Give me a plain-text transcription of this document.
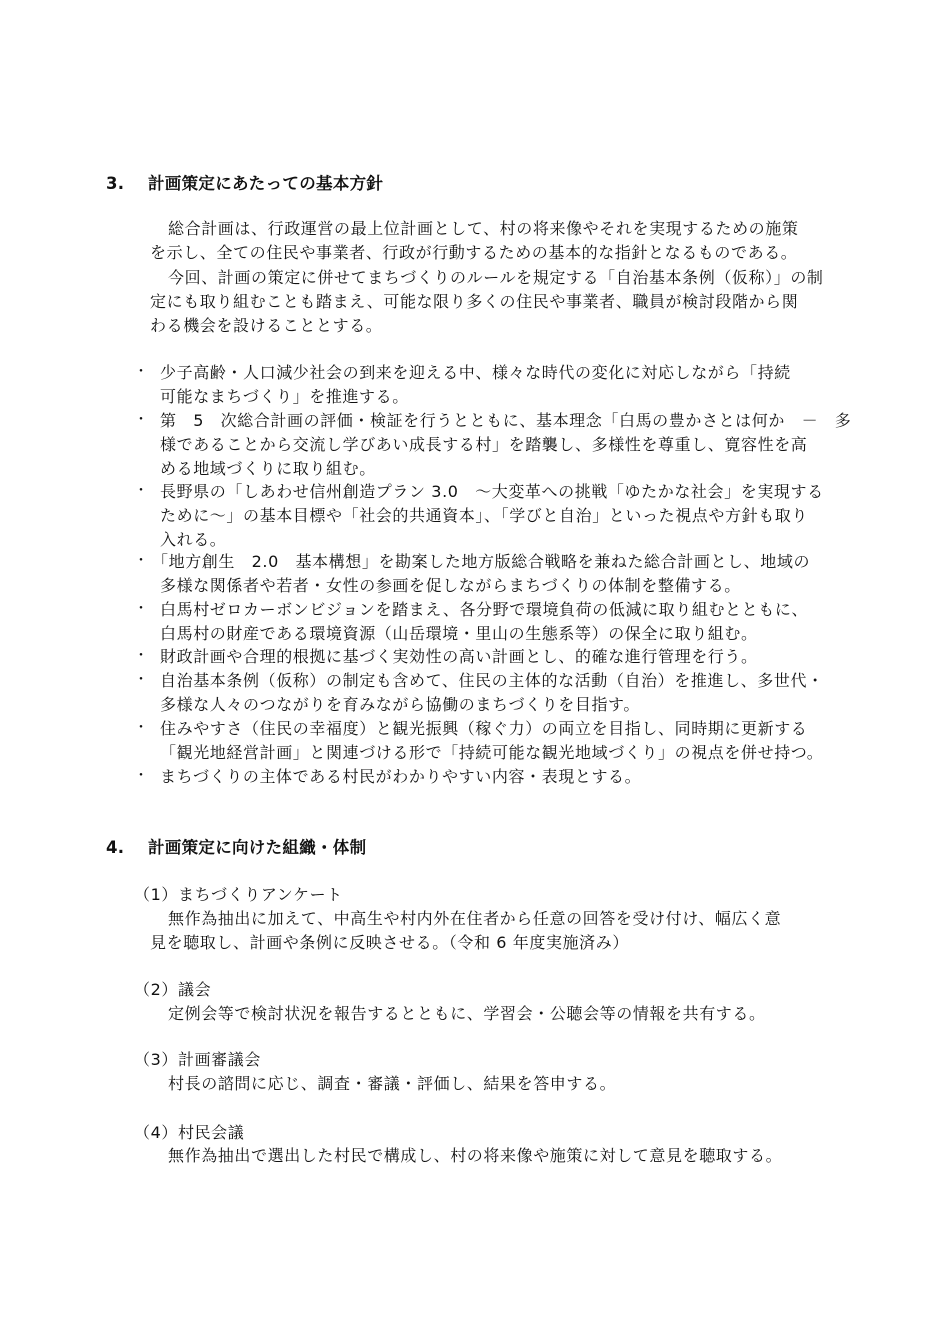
3. 計画策定にあたっての基本方針
総合計画は、行政運営の最上位計画として、村の将来像やそれを実現するための施策
を示し、全ての住民や事業者、行政が行動するための基本的な指針となるものである。
今回、計画の策定に併せてまちづくりのルールを規定する「自治基本条例（仮称）」の制
定にも取り組むことも踏まえ、可能な限り多くの住民や事業者、職員が検討段階から関
わる機会を設けることとする。
・ 少子高齢・人口減少社会の到来を迎える中、様々な時代の変化に対応しながら「持続
可能なまちづくり」を推進する。
・ 第　5　次総合計画の評価・検証を行うとともに、基本理念「白馬の豊かさとは何か　－　多
様であることから交流し学びあい成長する村」を踏襲し、多様性を尊重し、寛容性を高
める地域づくりに取り組む。
・ 長野県の「しあわせ信州創造プラン 3.0　～大変革への挑戦「ゆたかな社会」を実現する
ために～」の基本目標や「社会的共通資本」、「学びと自治」といった視点や方針も取り
入れる。
・ 「地方創生　2.0　基本構想」を勘案した地方版総合戦略を兼ねた総合計画とし、地域の
多様な関係者や若者・女性の参画を促しながらまちづくりの体制を整備する。
・ 白馬村ゼロカーボンビジョンを踏まえ、各分野で環境負荷の低減に取り組むとともに、
白馬村の財産である環境資源（山岳環境・里山の生態系等）の保全に取り組む。
・ 財政計画や合理的根拠に基づく実効性の高い計画とし、的確な進行管理を行う。
・ 自治基本条例（仮称）の制定も含めて、住民の主体的な活動（自治）を推進し、多世代・
多様な人々のつながりを育みながら協働のまちづくりを目指す。
・ 住みやすさ（住民の幸福度）と観光振興（稼ぐ力）の両立を目指し、同時期に更新する
「観光地経営計画」と関連づける形で「持続可能な観光地域づくり」の視点を併せ持つ。
・ まちづくりの主体である村民がわかりやすい内容・表現とする。
4. 計画策定に向けた組織・体制
（1）まちづくりアンケート
無作為抽出に加えて、中高生や村内外在住者から任意の回答を受け付け、幅広く意
見を聴取し、計画や条例に反映させる。（令和 6 年度実施済み）
（2）議会
定例会等で検討状況を報告するとともに、学習会・公聴会等の情報を共有する。
（3）計画審議会
村長の諮問に応じ、調査・審議・評価し、結果を答申する。
（4）村民会議
無作為抽出で選出した村民で構成し、村の将来像や施策に対して意見を聴取する。
